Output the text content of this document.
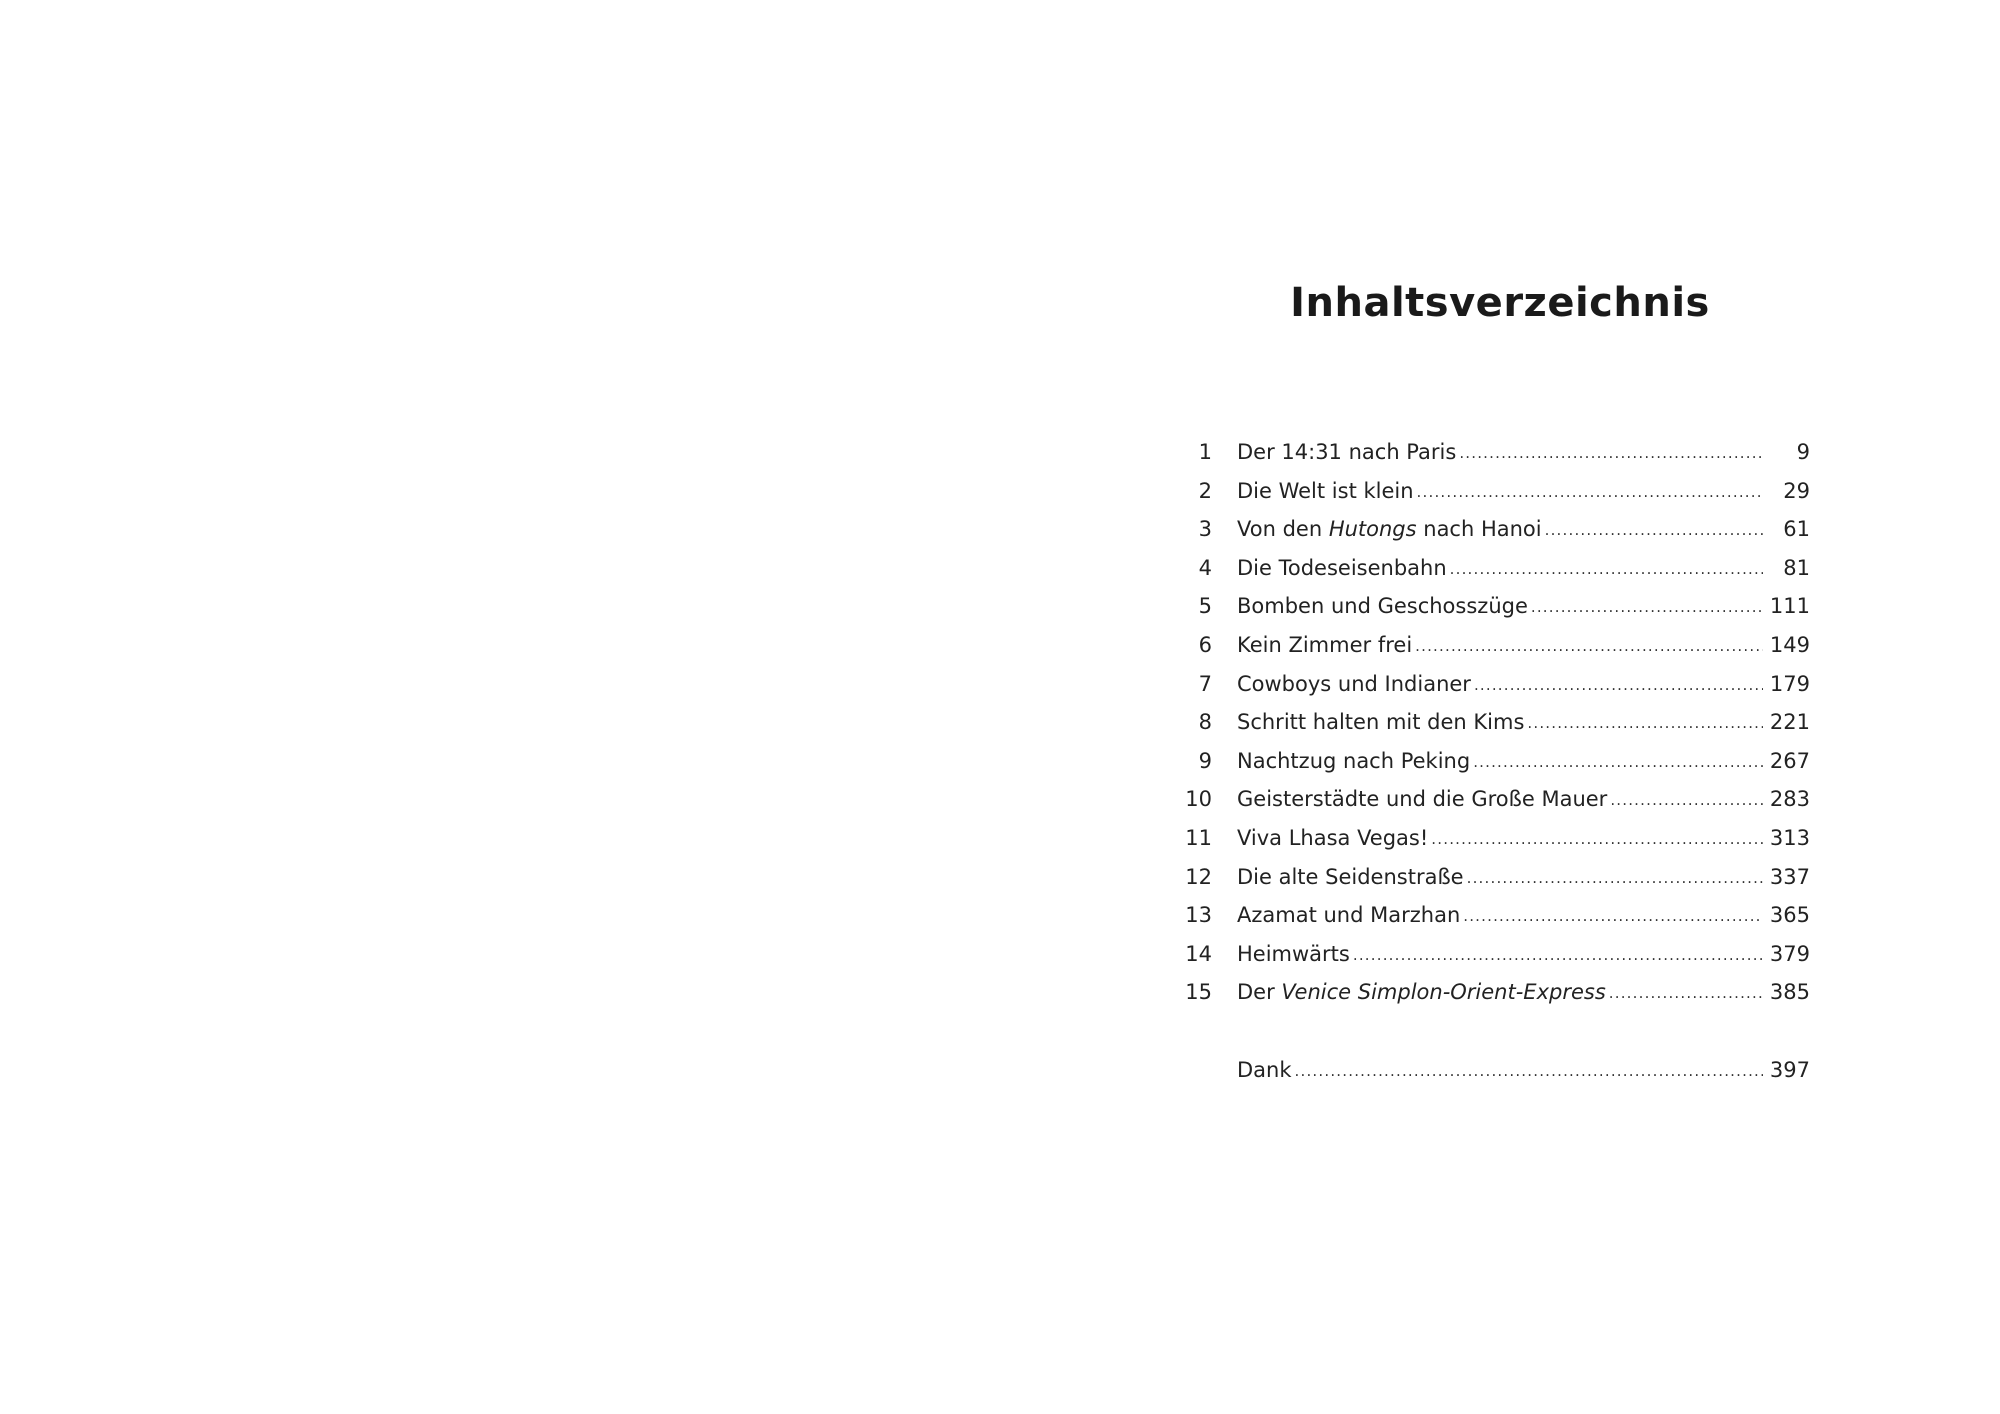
Inhaltsverzeichnis
1 Der 14:31 nach Paris .....	9
2 Die Welt ist klein .....	29
3 Von den Hutongs nach Hanoi .....	61
4 Die Todeseisenbahn .....	81
5 Bomben und Geschosszüge .....	111
6 Kein Zimmer frei .....	149
7 Cowboys und Indianer .....	179
8 Schritt halten mit den Kims .....	221
9 Nachtzug nach Peking .....	267
10 Geisterstädte und die Große Mauer .....	283
11 Viva Lhasa Vegas! .....	313
12 Die alte Seidenstraße .....	337
13 Azamat und Marzhan .....	365
14 Heimwärts .....	379
15 Der Venice Simplon-Orient-Express .....	385
Dank .....	397
